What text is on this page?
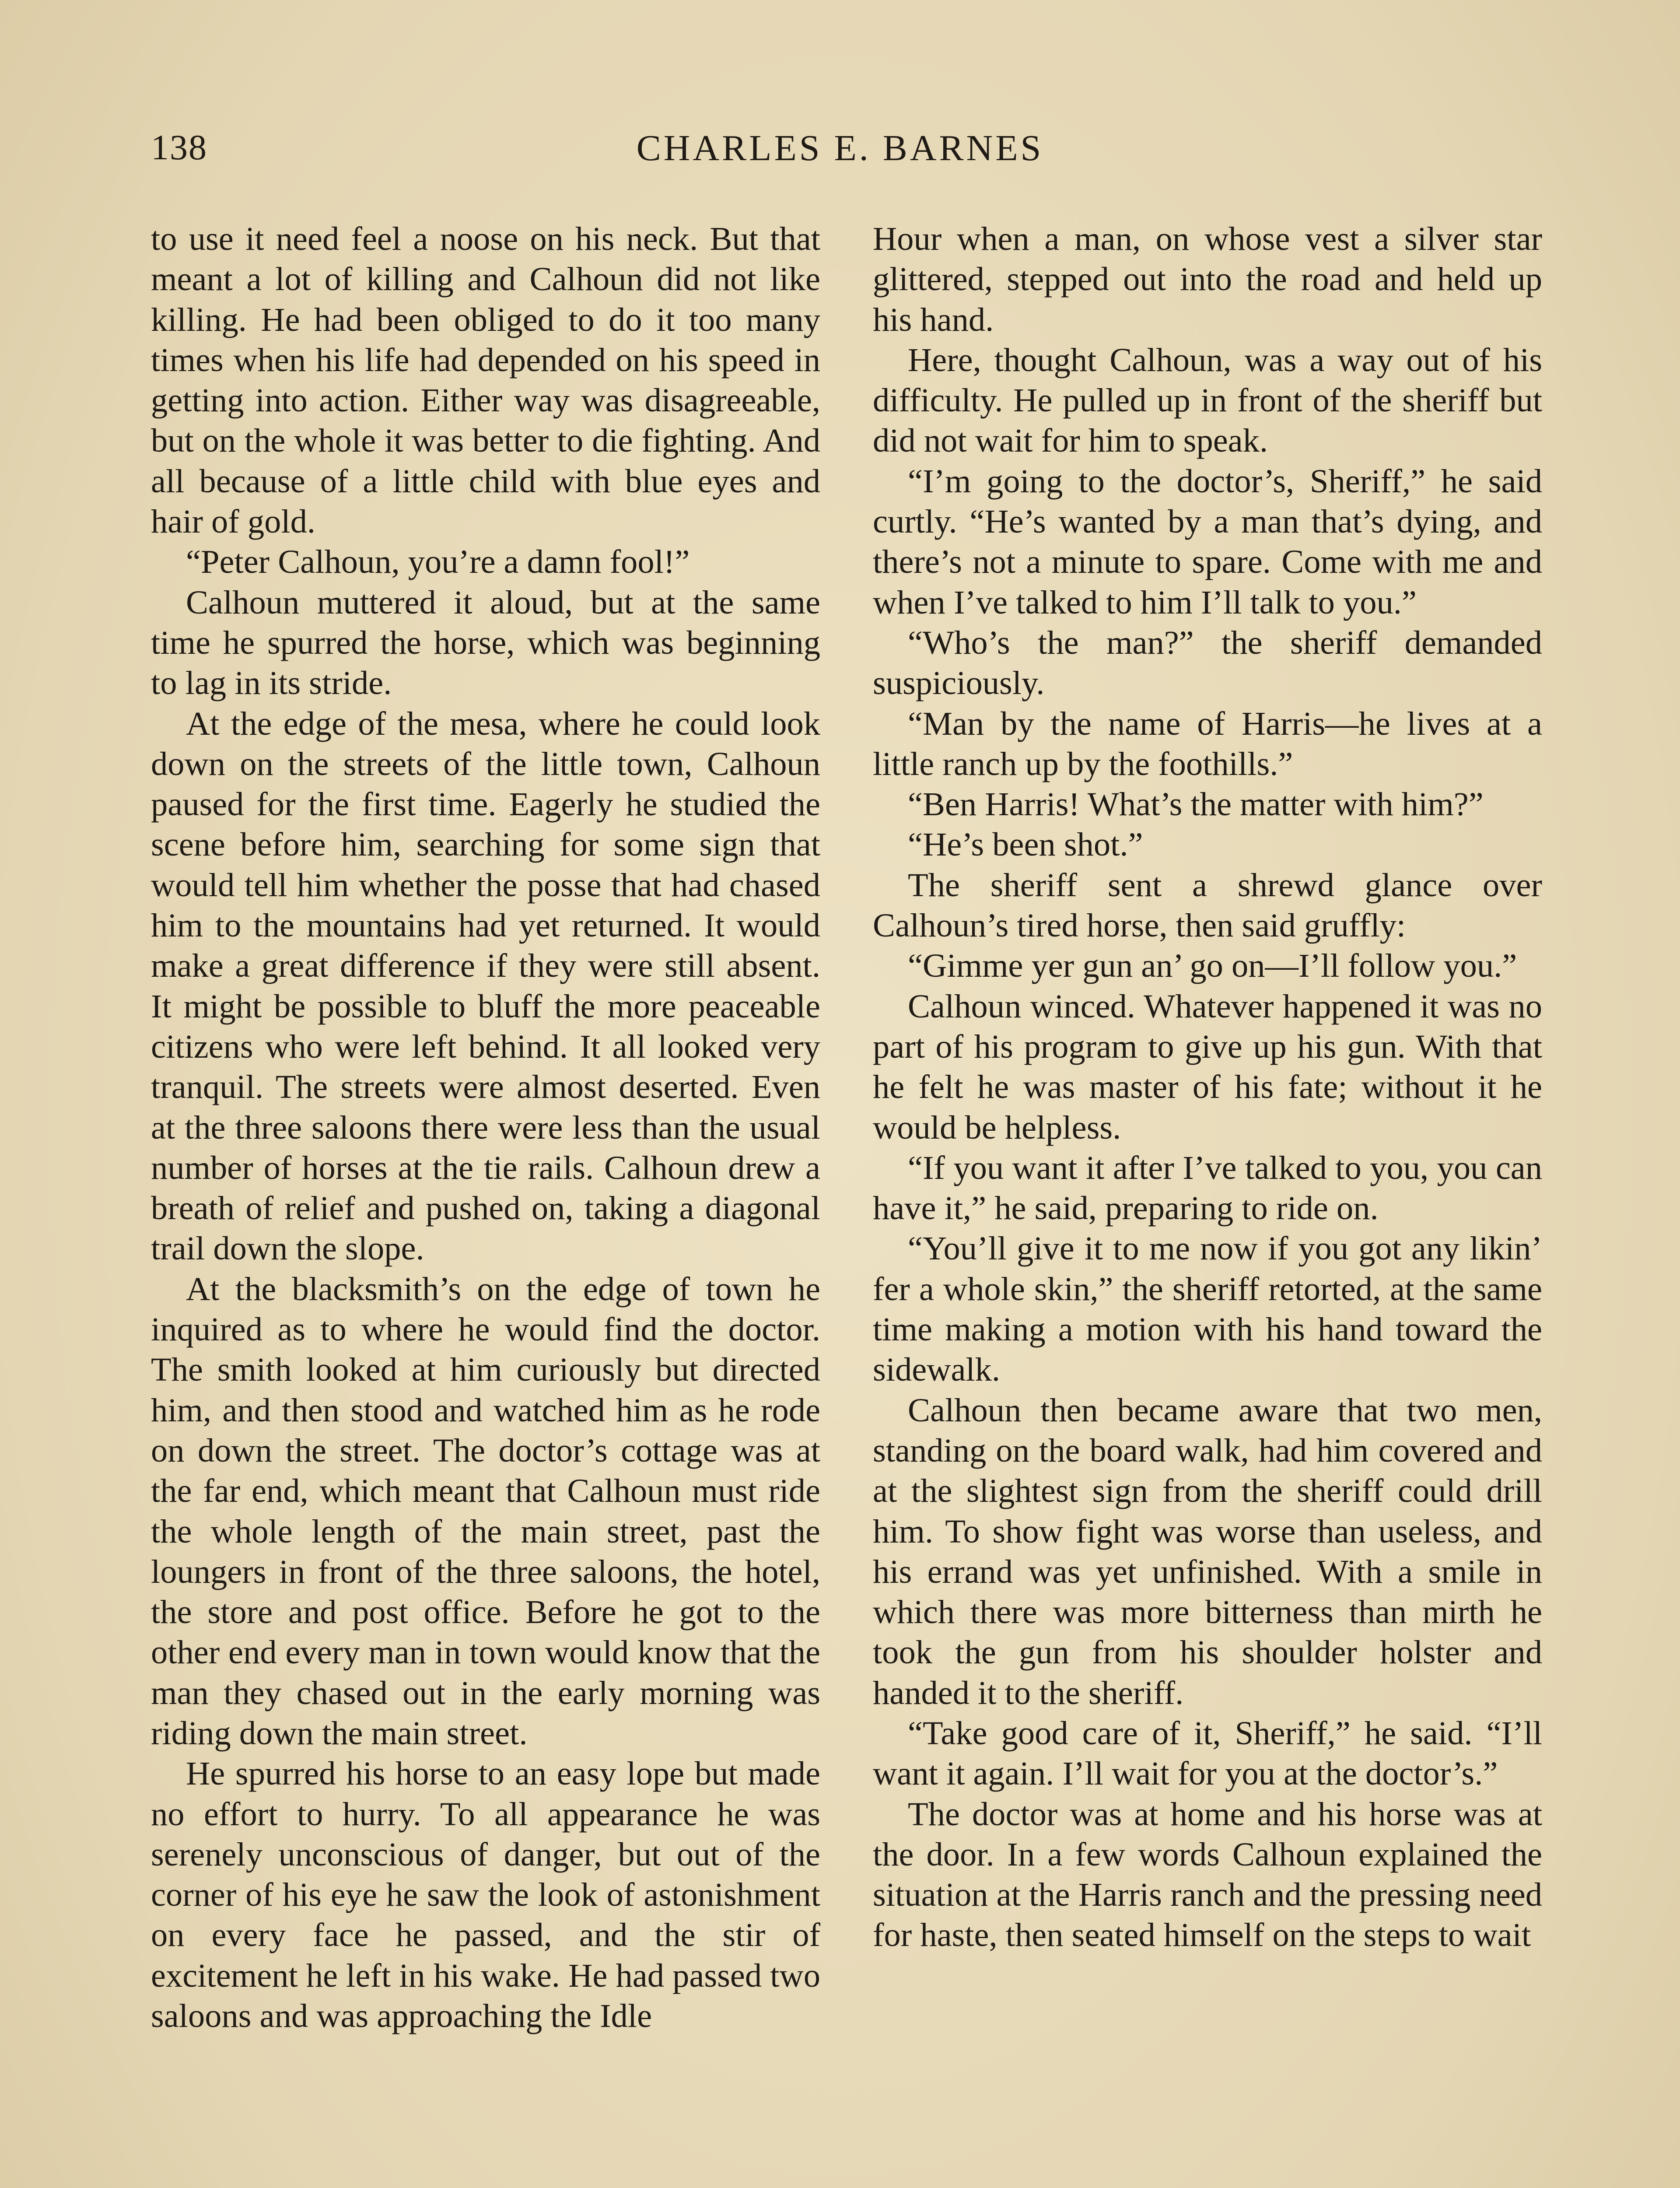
138	CHARLES E. BARNES

to use it need feel a noose on his neck. But that meant a lot of killing and Calhoun did not like killing. He had been obliged to do it too many times when his life had depended on his speed in getting into action. Either way was disagreeable, but on the whole it was better to die fighting. And all because of a little child with blue eyes and hair of gold.

“Peter Calhoun, you’re a damn fool!”

Calhoun muttered it aloud, but at the same time he spurred the horse, which was beginning to lag in its stride.

At the edge of the mesa, where he could look down on the streets of the little town, Calhoun paused for the first time. Eagerly he studied the scene before him, searching for some sign that would tell him whether the posse that had chased him to the mountains had yet returned. It would make a great difference if they were still absent. It might be possible to bluff the more peaceable citizens who were left behind. It all looked very tranquil. The streets were almost deserted. Even at the three saloons there were less than the usual number of horses at the tie rails. Calhoun drew a breath of relief and pushed on, taking a diagonal trail down the slope.

At the blacksmith’s on the edge of town he inquired as to where he would find the doctor. The smith looked at him curiously but directed him, and then stood and watched him as he rode on down the street. The doctor’s cottage was at the far end, which meant that Calhoun must ride the whole length of the main street, past the loungers in front of the three saloons, the hotel, the store and post office. Before he got to the other end every man in town would know that the man they chased out in the early morning was riding down the main street.

He spurred his horse to an easy lope but made no effort to hurry. To all appearance he was serenely unconscious of danger, but out of the corner of his eye he saw the look of astonishment on every face he passed, and the stir of excitement he left in his wake. He had passed two saloons and was approaching the Idle

Hour when a man, on whose vest a silver star glittered, stepped out into the road and held up his hand.

Here, thought Calhoun, was a way out of his difficulty. He pulled up in front of the sheriff but did not wait for him to speak.

“I’m going to the doctor’s, Sheriff,” he said curtly. “He’s wanted by a man that’s dying, and there’s not a minute to spare. Come with me and when I’ve talked to him I’ll talk to you.”

“Who’s the man?” the sheriff demanded suspiciously.

“Man by the name of Harris—he lives at a little ranch up by the foothills.”

“Ben Harris! What’s the matter with him?”

“He’s been shot.”

The sheriff sent a shrewd glance over Calhoun’s tired horse, then said gruffly:

“Gimme yer gun an’ go on—I’ll follow you.”

Calhoun winced. Whatever happened it was no part of his program to give up his gun. With that he felt he was master of his fate; without it he would be helpless.

“If you want it after I’ve talked to you, you can have it,” he said, preparing to ride on.

“You’ll give it to me now if you got any likin’ fer a whole skin,” the sheriff retorted, at the same time making a motion with his hand toward the sidewalk.

Calhoun then became aware that two men, standing on the board walk, had him covered and at the slightest sign from the sheriff could drill him. To show fight was worse than useless, and his errand was yet unfinished. With a smile in which there was more bitterness than mirth he took the gun from his shoulder holster and handed it to the sheriff.

“Take good care of it, Sheriff,” he said. “I’ll want it again. I’ll wait for you at the doctor’s.”

The doctor was at home and his horse was at the door. In a few words Calhoun explained the situation at the Harris ranch and the pressing need for haste, then seated himself on the steps to wait
